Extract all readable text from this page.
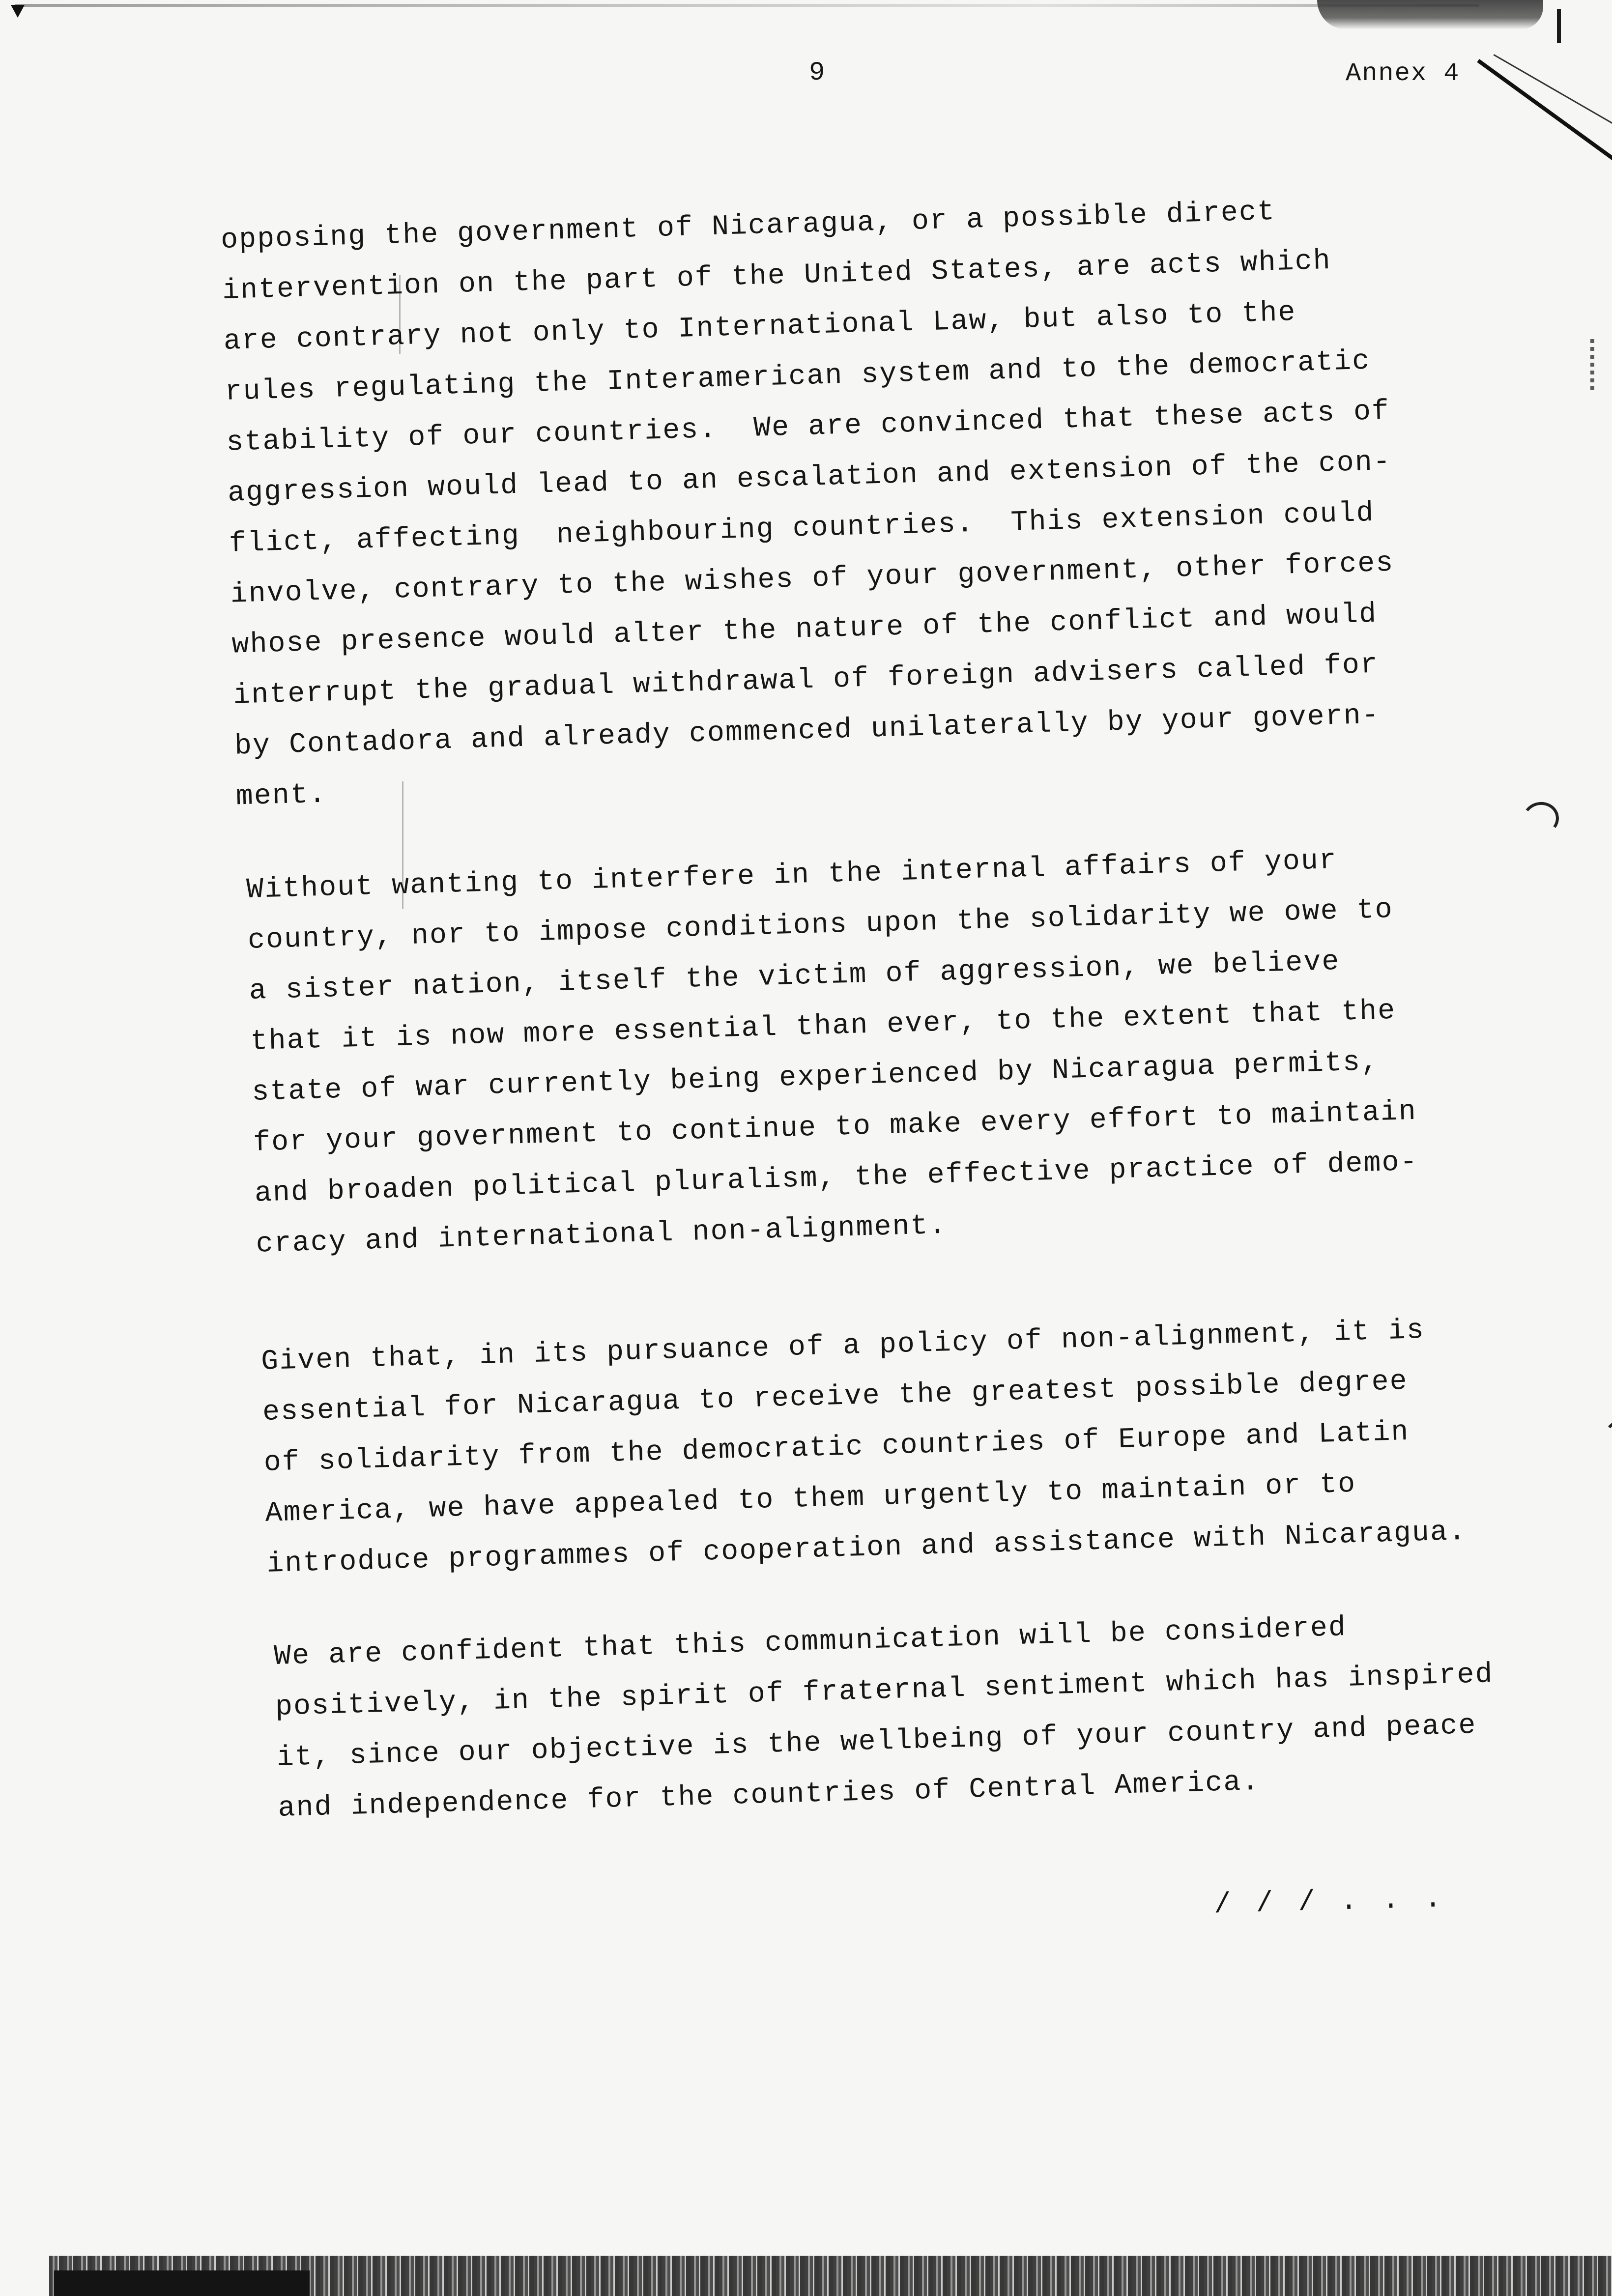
9	Annex 4
opposing the government of Nicaragua, or a possible direct
intervention on the part of the United States, are acts which
are contrary not only to International Law, but also to the
rules regulating the Interamerican system and to the democratic
stability of our countries.  We are convinced that these acts of
aggression would lead to an escalation and extension of the con-
flict, affecting  neighbouring countries.  This extension could
involve, contrary to the wishes of your government, other forces
whose presence would alter the nature of the conflict and would
interrupt the gradual withdrawal of foreign advisers called for
by Contadora and already commenced unilaterally by your govern-
ment.
Without wanting to interfere in the internal affairs of your
country, nor to impose conditions upon the solidarity we owe to
a sister nation, itself the victim of aggression, we believe
that it is now more essential than ever, to the extent that the
state of war currently being experienced by Nicaragua permits,
for your government to continue to make every effort to maintain
and broaden political pluralism, the effective practice of demo-
cracy and international non-alignment.
Given that, in its pursuance of a policy of non-alignment, it is
essential for Nicaragua to receive the greatest possible degree
of solidarity from the democratic countries of Europe and Latin
America, we have appealed to them urgently to maintain or to
introduce programmes of cooperation and assistance with Nicaragua.
We are confident that this communication will be considered
positively, in the spirit of fraternal sentiment which has inspired
it, since our objective is the wellbeing of your country and peace
and independence for the countries of Central America.
/ / / . . .
